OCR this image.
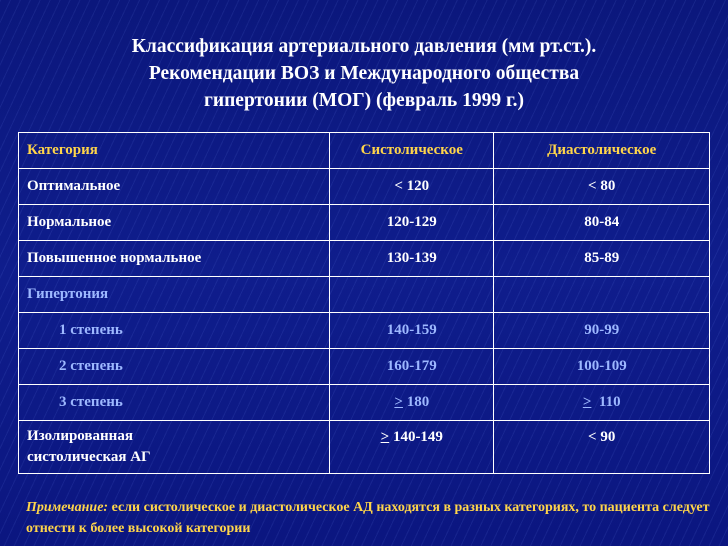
Классификация артериального давления (мм рт.ст.).
Рекомендации ВОЗ и Международного общества
гипертонии (МОГ) (февраль 1999 г.)
Категория	Систолическое	Диастолическое
Оптимальное	< 120	< 80
Нормальное	120-129	80-84
Повышенное нормальное	130-139	85-89
Гипертония		
1 степень	140-159	90-99
2 степень	160-179	100-109
3 степень	≥ 180	≥  110

Изолированная
систолическая АГ	≥ 140-149	< 90
Примечание: если систолическое и диастолическое АД находятся в разных категориях, то пациента следует отнести к более высокой категории
